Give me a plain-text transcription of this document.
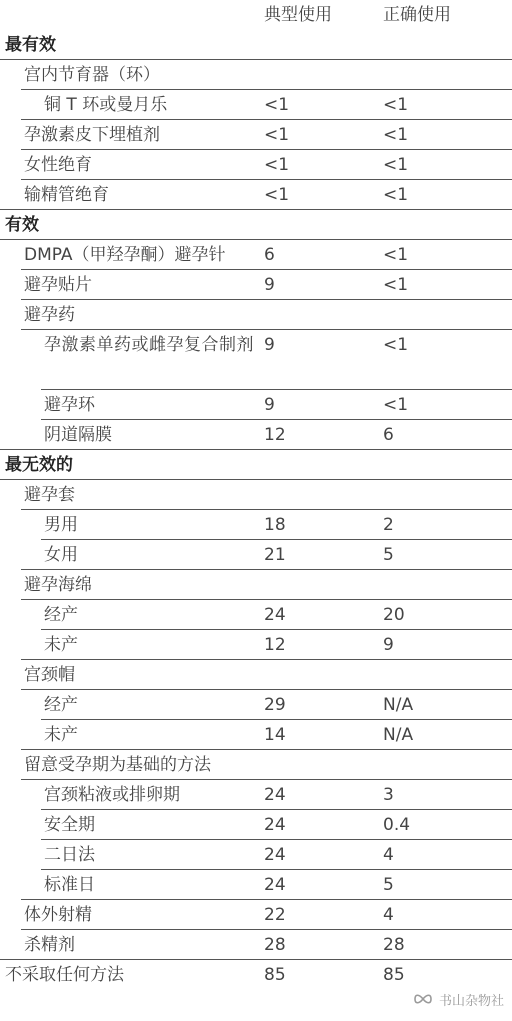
典型使用	正确使用
最有效
宫内节育器（环）
铜 T 环或曼月乐	<1	<1
孕激素皮下埋植剂	<1	<1
女性绝育	<1	<1
输精管绝育	<1	<1
有效
DMPA（甲羟孕酮）避孕针 6	<1
避孕贴片	9	<1
避孕药
孕激素单药或雌孕复合制剂 9	<1
避孕环	9	<1
阴道隔膜	12	6
最无效的
避孕套
男用	18	2
女用	21	5
避孕海绵
经产	24	20
未产	12	9
宫颈帽
经产	29	N/A
未产	14	N/A
留意受孕期为基础的方法
宫颈粘液或排卵期	24	3
安全期	24	0.4
二日法	24	4
标准日	24	5
体外射精	22	4
杀精剂	28	28
不采取任何方法	85	85
书山杂物社
